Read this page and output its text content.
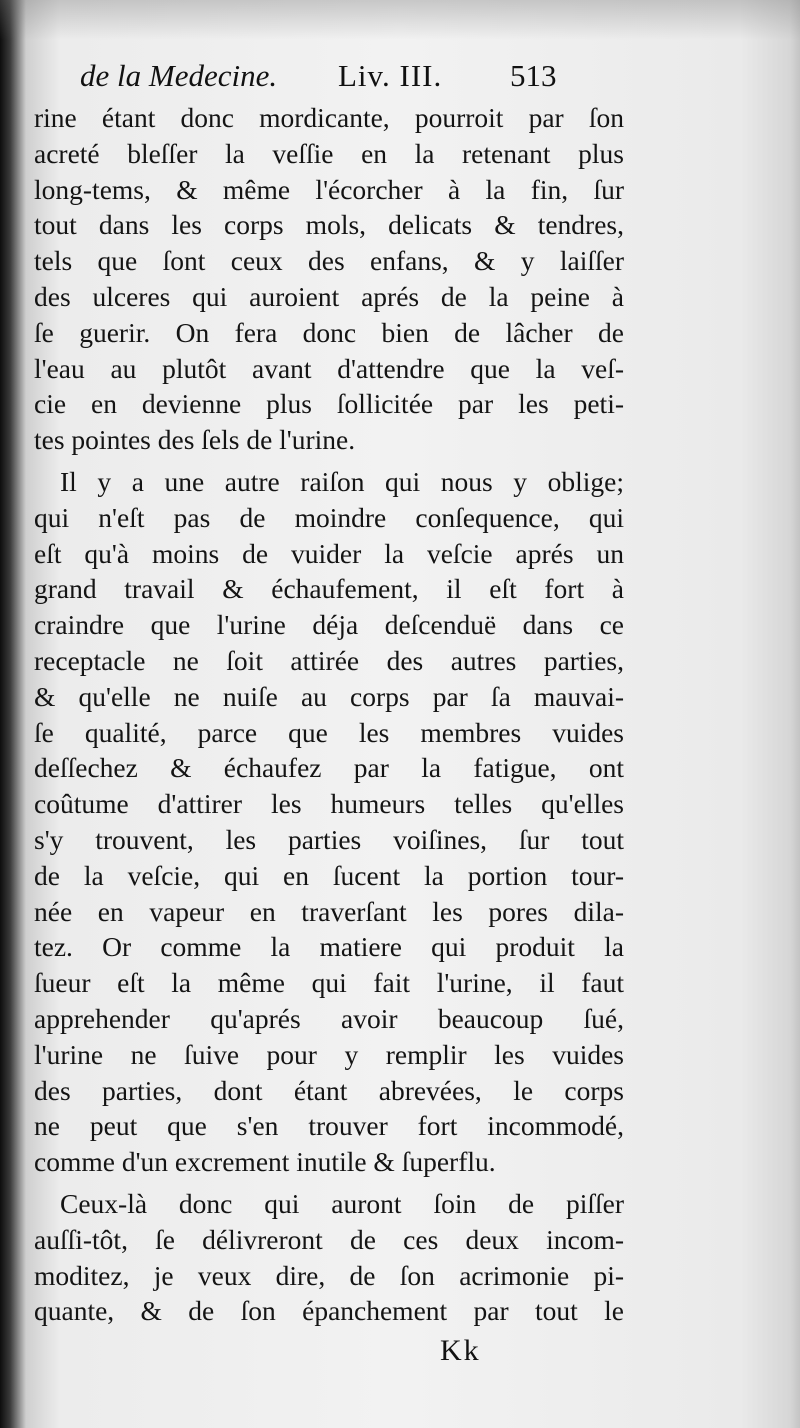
de la Medecine. Liv. III. 513
rine étant donc mordicante, pourroit par ſon
acreté bleſſer la veſſie en la retenant plus
long-tems, & même l'écorcher à la fin, ſur
tout dans les corps mols, delicats & tendres,
tels que ſont ceux des enfans, & y laiſſer
des ulceres qui auroient aprés de la peine à
ſe guerir. On fera donc bien de lâcher de
l'eau au plutôt avant d'attendre que la veſ-
cie en devienne plus ſollicitée par les peti-
tes pointes des ſels de l'urine.
Il y a une autre raiſon qui nous y oblige;
qui n'eſt pas de moindre conſequence, qui
eſt qu'à moins de vuider la veſcie aprés un
grand travail & échaufement, il eſt fort à
craindre que l'urine déja deſcenduë dans ce
receptacle ne ſoit attirée des autres parties,
& qu'elle ne nuiſe au corps par ſa mauvai-
ſe qualité, parce que les membres vuides
deſſechez & échaufez par la fatigue, ont
coûtume d'attirer les humeurs telles qu'elles
s'y trouvent, les parties voiſines, ſur tout
de la veſcie, qui en ſucent la portion tour-
née en vapeur en traverſant les pores dila-
tez. Or comme la matiere qui produit la
ſueur eſt la même qui fait l'urine, il faut
apprehender qu'aprés avoir beaucoup ſué,
l'urine ne ſuive pour y remplir les vuides
des parties, dont étant abrevées, le corps
ne peut que s'en trouver fort incommodé,
comme d'un excrement inutile & ſuperflu.
Ceux-là donc qui auront ſoin de piſſer
auſſi-tôt, ſe délivreront de ces deux incom-
moditez, je veux dire, de ſon acrimonie pi-
quante, & de ſon épanchement par tout le
Kk
